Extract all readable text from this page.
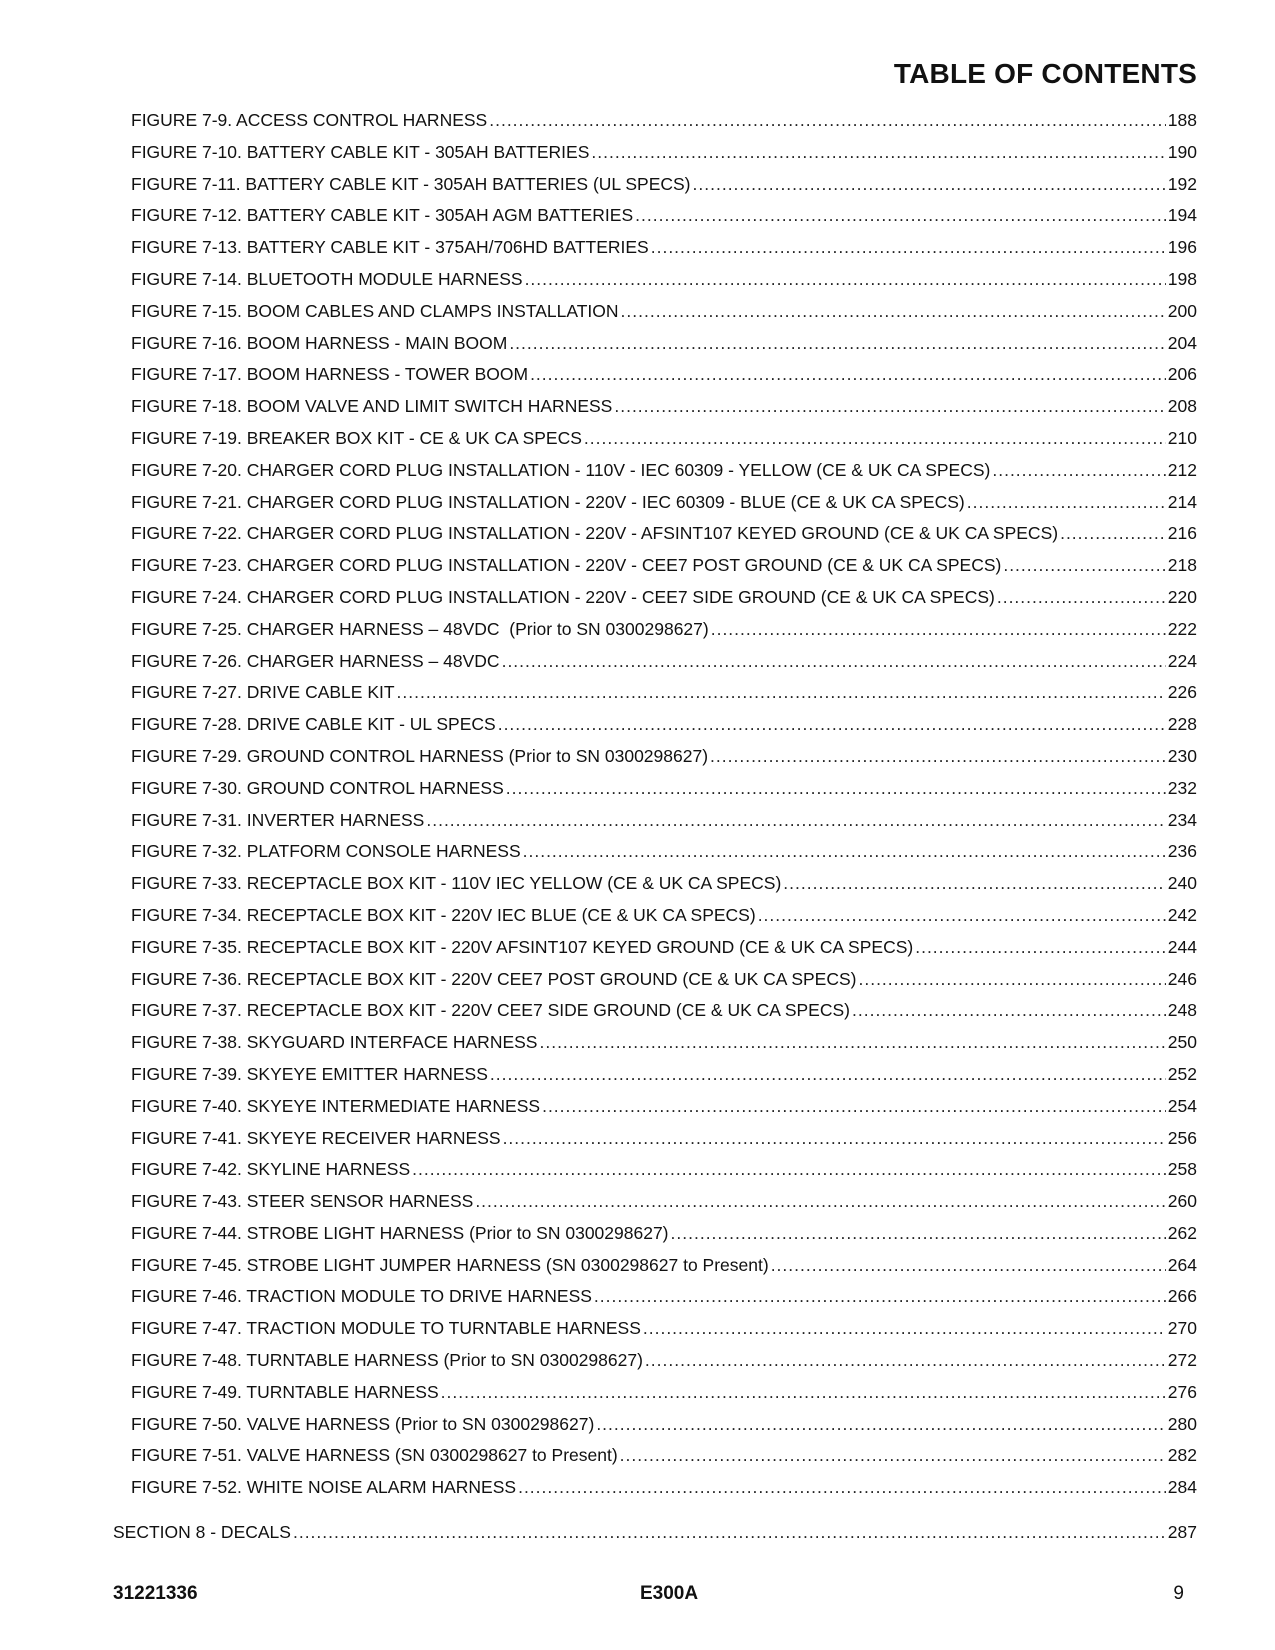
TABLE OF CONTENTS
FIGURE 7-9. ACCESS CONTROL HARNESS .....	188
FIGURE 7-10. BATTERY CABLE KIT - 305AH BATTERIES .....	190
FIGURE 7-11. BATTERY CABLE KIT - 305AH BATTERIES (UL SPECS) .....	192
FIGURE 7-12. BATTERY CABLE KIT - 305AH AGM BATTERIES .....	194
FIGURE 7-13. BATTERY CABLE KIT - 375AH/706HD BATTERIES .....	196
FIGURE 7-14. BLUETOOTH MODULE HARNESS .....	198
FIGURE 7-15. BOOM CABLES AND CLAMPS INSTALLATION .....	200
FIGURE 7-16. BOOM HARNESS - MAIN BOOM .....	204
FIGURE 7-17. BOOM HARNESS - TOWER BOOM .....	206
FIGURE 7-18. BOOM VALVE AND LIMIT SWITCH HARNESS .....	208
FIGURE 7-19. BREAKER BOX KIT - CE & UK CA SPECS .....	210
FIGURE 7-20. CHARGER CORD PLUG INSTALLATION - 110V - IEC 60309 - YELLOW (CE & UK CA SPECS) .....	212
FIGURE 7-21. CHARGER CORD PLUG INSTALLATION - 220V - IEC 60309 - BLUE (CE & UK CA SPECS) .....	214
FIGURE 7-22. CHARGER CORD PLUG INSTALLATION - 220V - AFSINT107 KEYED GROUND (CE & UK CA SPECS) .....	216
FIGURE 7-23. CHARGER CORD PLUG INSTALLATION - 220V - CEE7 POST GROUND (CE & UK CA SPECS) .....	218
FIGURE 7-24. CHARGER CORD PLUG INSTALLATION - 220V - CEE7 SIDE GROUND (CE & UK CA SPECS) .....	220
FIGURE 7-25. CHARGER HARNESS – 48VDC  (Prior to SN 0300298627) .....	222
FIGURE 7-26. CHARGER HARNESS – 48VDC .....	224
FIGURE 7-27. DRIVE CABLE KIT .....	226
FIGURE 7-28. DRIVE CABLE KIT - UL SPECS .....	228
FIGURE 7-29. GROUND CONTROL HARNESS (Prior to SN 0300298627) .....	230
FIGURE 7-30. GROUND CONTROL HARNESS .....	232
FIGURE 7-31. INVERTER HARNESS .....	234
FIGURE 7-32. PLATFORM CONSOLE HARNESS .....	236
FIGURE 7-33. RECEPTACLE BOX KIT - 110V IEC YELLOW (CE & UK CA SPECS) .....	240
FIGURE 7-34. RECEPTACLE BOX KIT - 220V IEC BLUE (CE & UK CA SPECS) .....	242
FIGURE 7-35. RECEPTACLE BOX KIT - 220V AFSINT107 KEYED GROUND (CE & UK CA SPECS) .....	244
FIGURE 7-36. RECEPTACLE BOX KIT - 220V CEE7 POST GROUND (CE & UK CA SPECS) .....	246
FIGURE 7-37. RECEPTACLE BOX KIT - 220V CEE7 SIDE GROUND (CE & UK CA SPECS) .....	248
FIGURE 7-38. SKYGUARD INTERFACE HARNESS .....	250
FIGURE 7-39. SKYEYE EMITTER HARNESS .....	252
FIGURE 7-40. SKYEYE INTERMEDIATE HARNESS .....	254
FIGURE 7-41. SKYEYE RECEIVER HARNESS .....	256
FIGURE 7-42. SKYLINE HARNESS .....	258
FIGURE 7-43. STEER SENSOR HARNESS .....	260
FIGURE 7-44. STROBE LIGHT HARNESS (Prior to SN 0300298627) .....	262
FIGURE 7-45. STROBE LIGHT JUMPER HARNESS (SN 0300298627 to Present) .....	264
FIGURE 7-46. TRACTION MODULE TO DRIVE HARNESS .....	266
FIGURE 7-47. TRACTION MODULE TO TURNTABLE HARNESS .....	270
FIGURE 7-48. TURNTABLE HARNESS (Prior to SN 0300298627) .....	272
FIGURE 7-49. TURNTABLE HARNESS .....	276
FIGURE 7-50. VALVE HARNESS (Prior to SN 0300298627) .....	280
FIGURE 7-51. VALVE HARNESS (SN 0300298627 to Present) .....	282
FIGURE 7-52. WHITE NOISE ALARM HARNESS .....	284
SECTION 8 - DECALS .....	287
31221336	E300A	9
